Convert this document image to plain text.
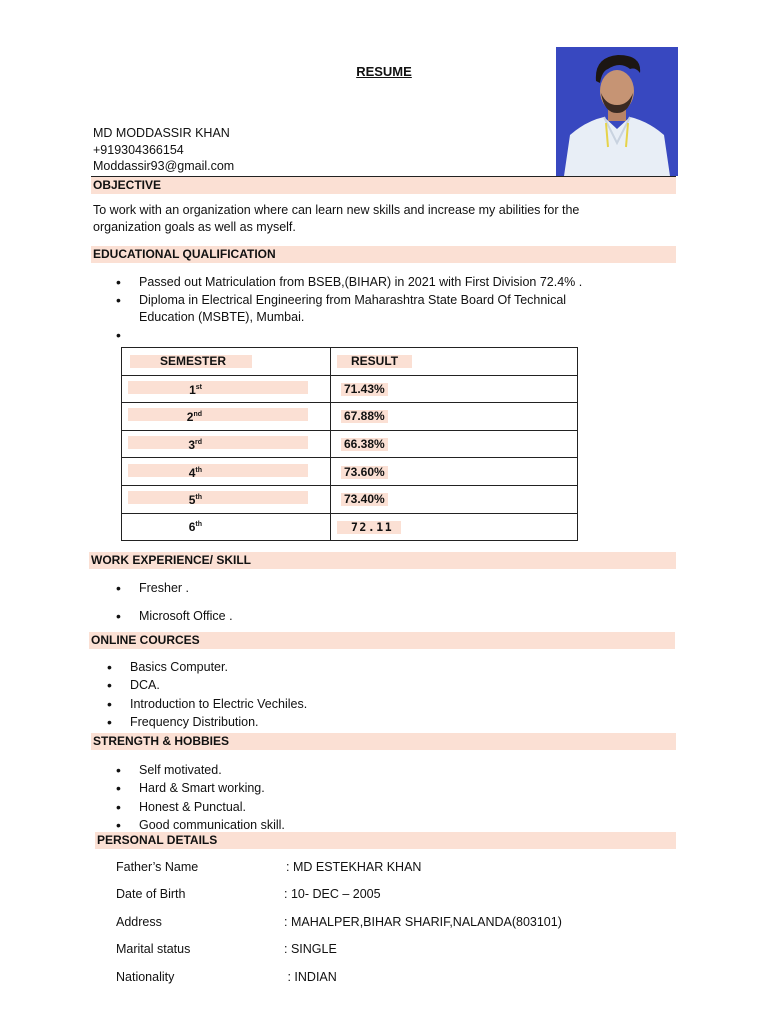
RESUME
MD MODDASSIR KHAN
+919304366154
Moddassir93@gmail.com
OBJECTIVE
To work with an organization where can learn new skills and increase my abilities for the
organization goals as well as myself.
EDUCATIONAL QUALIFICATION
• Passed out Matriculation from BSEB,(BIHAR) in 2021 with First Division 72.4% .
• Diploma in Electrical Engineering from Maharashtra State Board Of Technical
Education (MSBTE), Mumbai.
•
SEMESTER	RESULT
1st	71.43%
2nd	67.88%
3rd	66.38%
4th	73.60%
5th	73.40%
6th	72.11
WORK EXPERIENCE/ SKILL
• Fresher .
• Microsoft Office .
ONLINE COURCES
• Basics Computer.
• DCA.
• Introduction to Electric Vechiles.
• Frequency Distribution.
STRENGTH & HOBBIES
• Self motivated.
• Hard & Smart working.
• Honest & Punctual.
• Good communication skill.
PERSONAL DETAILS
Father’s Name	: MD ESTEKHAR KHAN
Date of Birth	: 10- DEC – 2005
Address	: MAHALPER,BIHAR SHARIF,NALANDA(803101)
Marital status	: SINGLE
Nationality	: INDIAN
